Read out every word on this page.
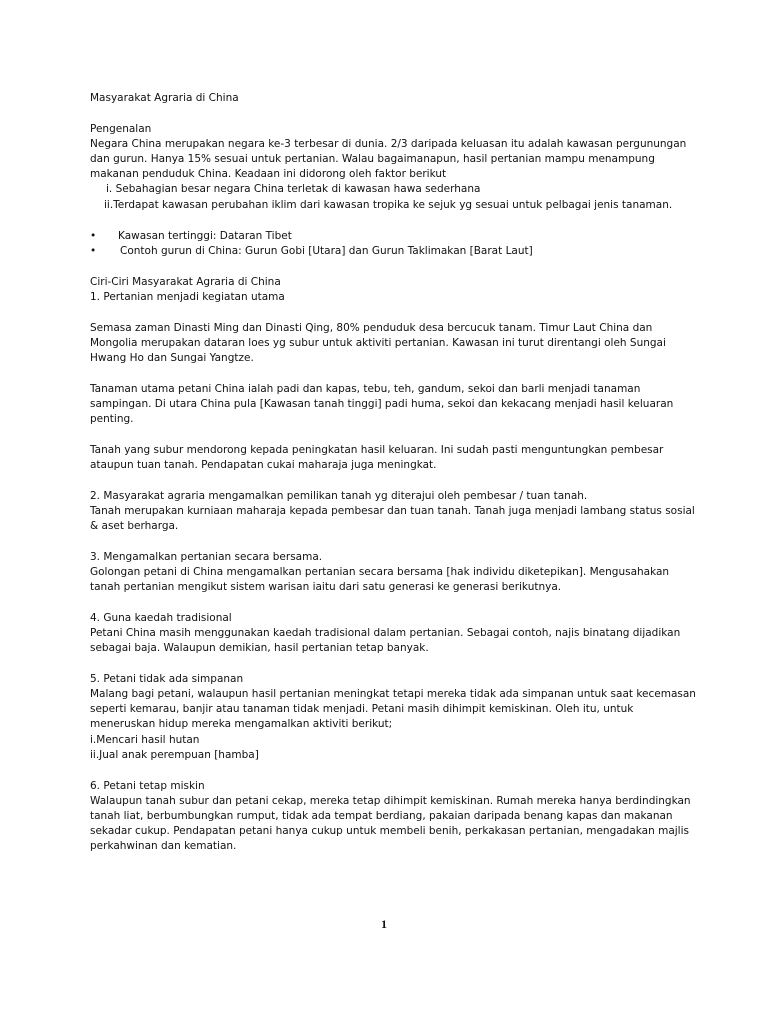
Masyarakat Agraria di China

Pengenalan

Negara China merupakan negara ke-3 terbesar di dunia. 2/3 daripada keluasan itu adalah kawasan pergunungan

dan gurun. Hanya 15% sesuai untuk pertanian. Walau bagaimanapun, hasil pertanian mampu menampung

makanan penduduk China. Keadaan ini didorong oleh faktor berikut

i. Sebahagian besar negara China terletak di kawasan hawa sederhana

ii.Terdapat kawasan perubahan iklim dari kawasan tropika ke sejuk yg sesuai untuk pelbagai jenis tanaman.

• Kawasan tertinggi: Dataran Tibet
• Contoh gurun di China: Gurun Gobi [Utara] dan Gurun Taklimakan [Barat Laut]

Ciri-Ciri Masyarakat Agraria di China

1. Pertanian menjadi kegiatan utama

Semasa zaman Dinasti Ming dan Dinasti Qing, 80% penduduk desa bercucuk tanam. Timur Laut China dan

Mongolia merupakan dataran loes yg subur untuk aktiviti pertanian. Kawasan ini turut direntangi oleh Sungai

Hwang Ho dan Sungai Yangtze.

Tanaman utama petani China ialah padi dan kapas, tebu, teh, gandum, sekoi dan barli menjadi tanaman

sampingan. Di utara China pula [Kawasan tanah tinggi] padi huma, sekoi dan kekacang menjadi hasil keluaran

penting.

Tanah yang subur mendorong kepada peningkatan hasil keluaran. Ini sudah pasti menguntungkan pembesar

ataupun tuan tanah. Pendapatan cukai maharaja juga meningkat.

2. Masyarakat agraria mengamalkan pemilikan tanah yg diterajui oleh pembesar / tuan tanah.

Tanah merupakan kurniaan maharaja kepada pembesar dan tuan tanah. Tanah juga menjadi lambang status sosial

& aset berharga.

3. Mengamalkan pertanian secara bersama.

Golongan petani di China mengamalkan pertanian secara bersama [hak individu diketepikan]. Mengusahakan

tanah pertanian mengikut sistem warisan iaitu dari satu generasi ke generasi berikutnya.

4. Guna kaedah tradisional

Petani China masih menggunakan kaedah tradisional dalam pertanian. Sebagai contoh, najis binatang dijadikan

sebagai baja. Walaupun demikian, hasil pertanian tetap banyak.

5. Petani tidak ada simpanan

Malang bagi petani, walaupun hasil pertanian meningkat tetapi mereka tidak ada simpanan untuk saat kecemasan

seperti kemarau, banjir atau tanaman tidak menjadi. Petani masih dihimpit kemiskinan. Oleh itu, untuk

meneruskan hidup mereka mengamalkan aktiviti berikut;

i.Mencari hasil hutan

ii.Jual anak perempuan [hamba]

6. Petani tetap miskin

Walaupun tanah subur dan petani cekap, mereka tetap dihimpit kemiskinan. Rumah mereka hanya berdindingkan

tanah liat, berbumbungkan rumput, tidak ada tempat berdiang, pakaian daripada benang kapas dan makanan

sekadar cukup. Pendapatan petani hanya cukup untuk membeli benih, perkakasan pertanian, mengadakan majlis

perkahwinan dan kematian.

1
